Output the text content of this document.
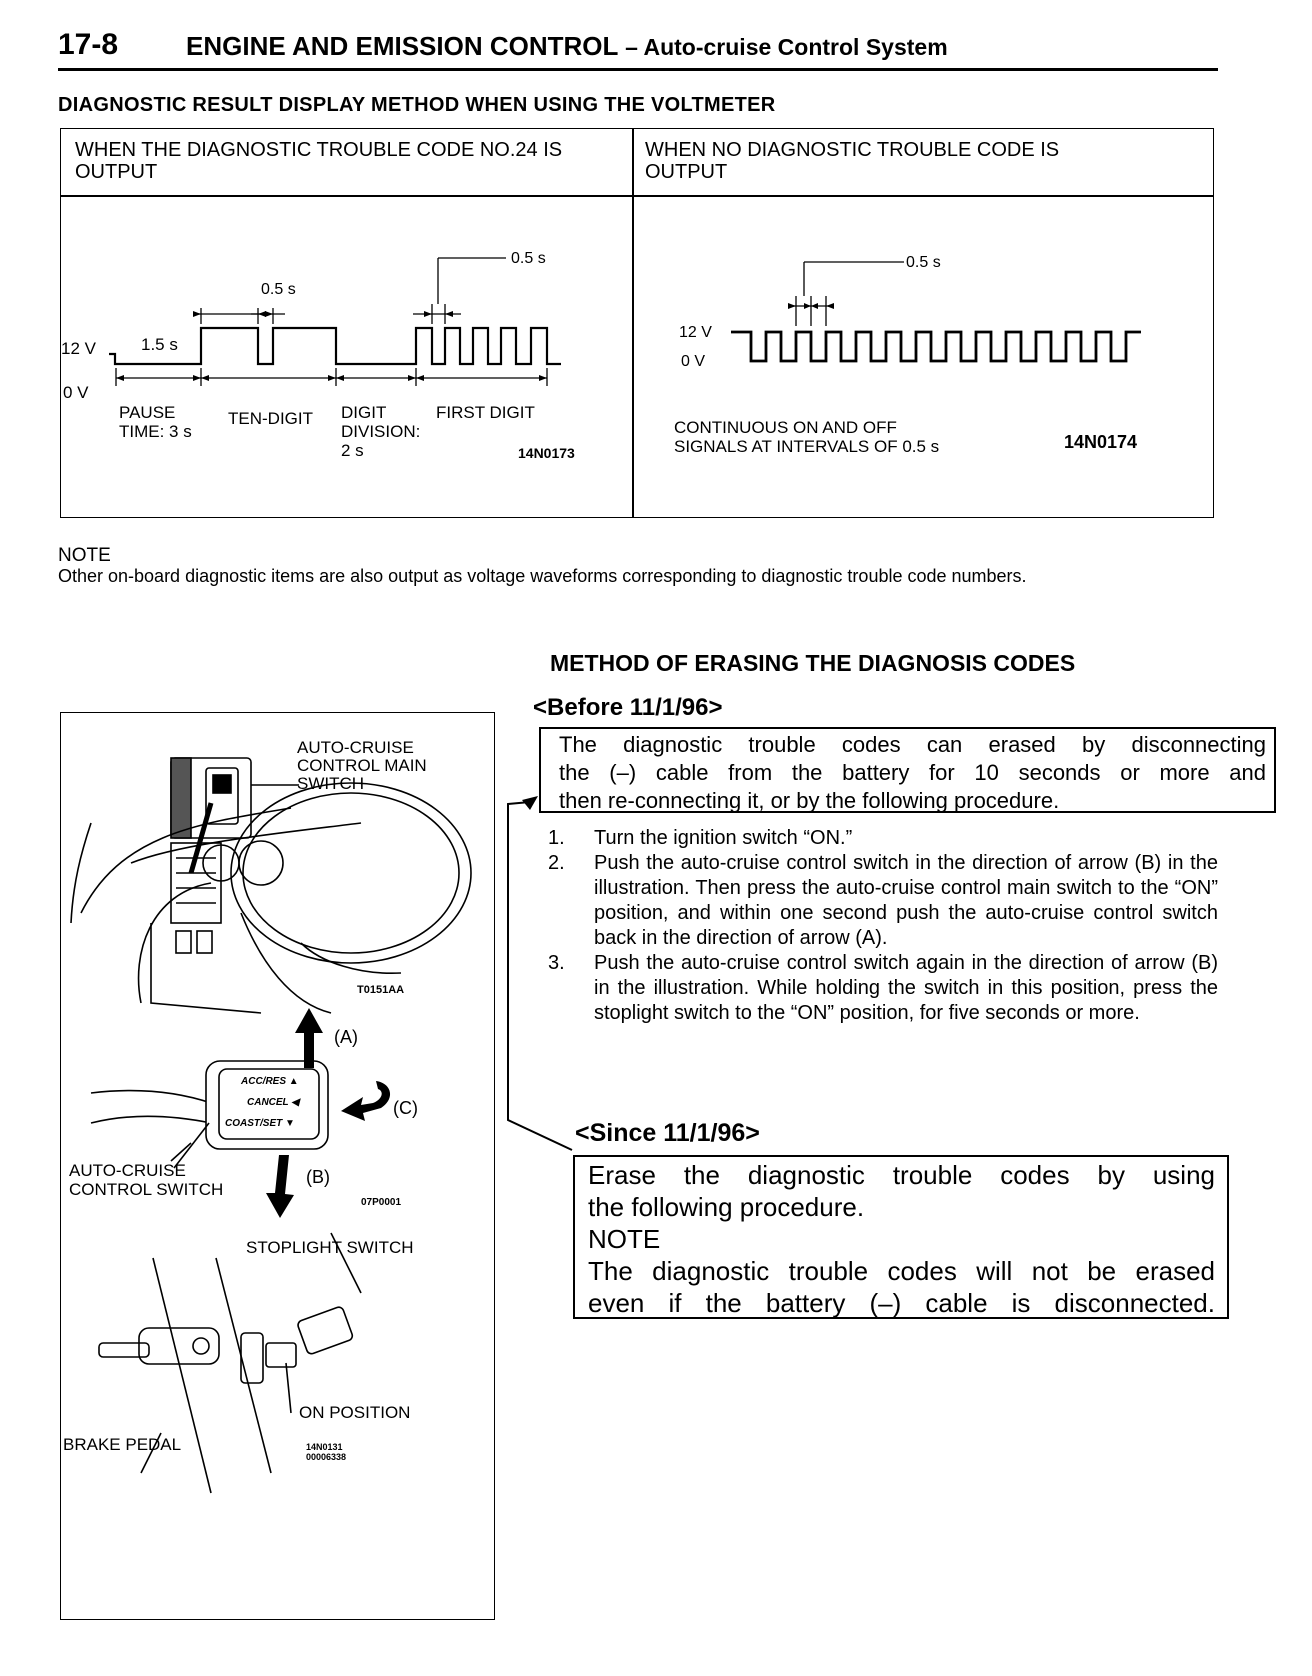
17-8	ENGINE AND EMISSION CONTROL – Auto-cruise Control System
DIAGNOSTIC RESULT DISPLAY METHOD WHEN USING THE VOLTMETER
WHEN THE DIAGNOSTIC TROUBLE CODE NO.24 IS
OUTPUT
WHEN NO DIAGNOSTIC TROUBLE CODE IS
OUTPUT
12 V
0 V
1.5 s
0.5 s
0.5 s
PAUSE
TIME: 3 s
TEN-DIGIT DIGIT
DIVISION:
2 s
FIRST DIGIT
14N0173
0.5 s
12 V
0 V
CONTINUOUS ON AND OFF
SIGNALS AT INTERVALS OF 0.5 s	14N0174
NOTE
Other on-board diagnostic items are also output as voltage waveforms corresponding to diagnostic trouble code numbers.
METHOD OF ERASING THE DIAGNOSIS CODES
<Before 11/1/96>
The diagnostic trouble codes can erased by disconnecting
the (–) cable from the battery for 10 seconds or more and
then re-connecting it, or by the following procedure.
1. Turn the ignition switch “ON.”
2. Push the auto-cruise control switch in the direction of arrow (B) in the illustration. Then press the auto-cruise control main switch to the “ON” position, and within one second push the auto-cruise control switch back in the direction of arrow (A).
3. Push the auto-cruise control switch again in the direction of arrow (B) in the illustration. While holding the switch in this position, press the stoplight switch to the “ON” position, for five seconds or more.
<Since 11/1/96>
Erase the diagnostic trouble codes by using
the following procedure.
NOTE
The diagnostic trouble codes will not be erased
even if the battery (–) cable is disconnected.
AUTO-CRUISE
CONTROL MAIN
SWITCH
T0151AA
(A)
(B)
(C)
ACC/RES ▲
CANCEL ◀
COAST/SET ▼
AUTO-CRUISE
CONTROL SWITCH
07P0001
STOPLIGHT SWITCH
ON POSITION
BRAKE PEDAL	14N0131
00006338
